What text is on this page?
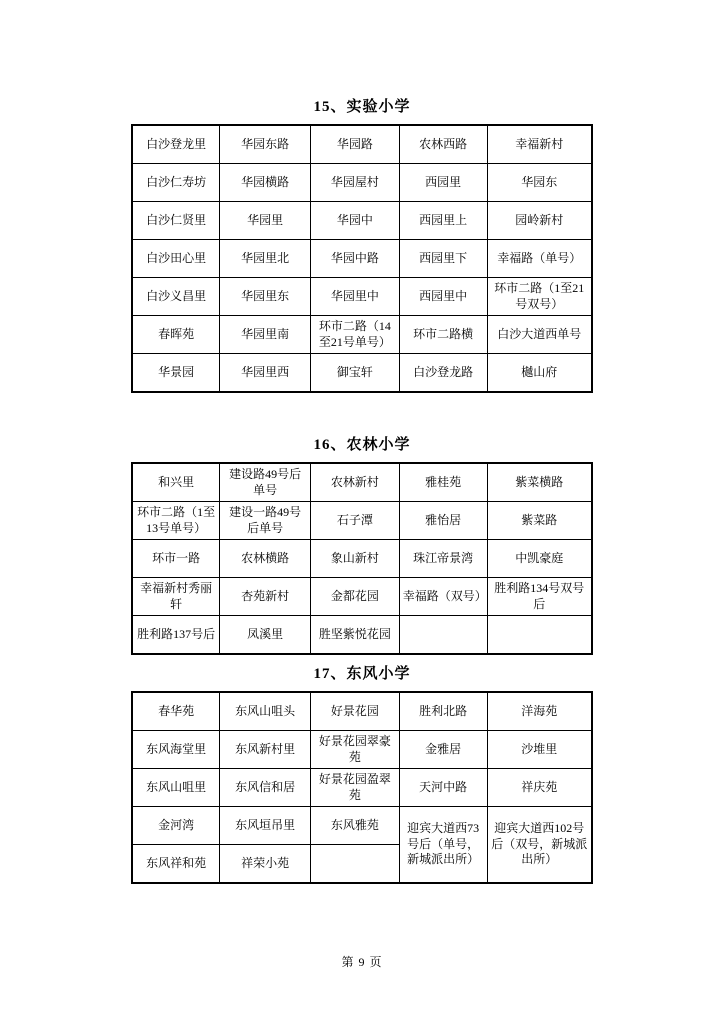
15、实验小学
白沙登龙里	华园东路	华园路	农林西路	幸福新村
白沙仁寿坊	华园横路	华园屋村	西园里	华园东
白沙仁贤里	华园里	华园中	西园里上	园岭新村
白沙田心里	华园里北	华园中路	西园里下	幸福路（单号）
白沙义昌里	华园里东	华园里中	西园里中	环市二路（1至21号双号）
春晖苑	华园里南	环市二路（14至21号单号）	环市二路横	白沙大道西单号
华景园	华园里西	御宝轩	白沙登龙路	樾山府
16、农林小学
和兴里	建设路49号后单号	农林新村	雅桂苑	紫菜横路
环市二路（1至13号单号）	建设一路49号后单号	石子潭	雅怡居	紫菜路
环市一路	农林横路	象山新村	珠江帝景湾	中凯豪庭
幸福新村秀丽轩	杏苑新村	金都花园	幸福路（双号）	胜利路134号双号后
胜利路137号后	凤溪里	胜坚紫悦花园		
17、东风小学
春华苑	东风山咀头	好景花园	胜利北路	洋海苑
东风海堂里	东风新村里	好景花园翠豪苑	金雅居	沙堆里
东风山咀里	东风信和居	好景花园盈翠苑	天河中路	祥庆苑
金河湾	东风垣吊里	东风雅苑	迎宾大道西73号后（单号，新城派出所）	迎宾大道西102号后（双号，新城派出所）
东风祥和苑	祥荣小苑			
第 9 页
